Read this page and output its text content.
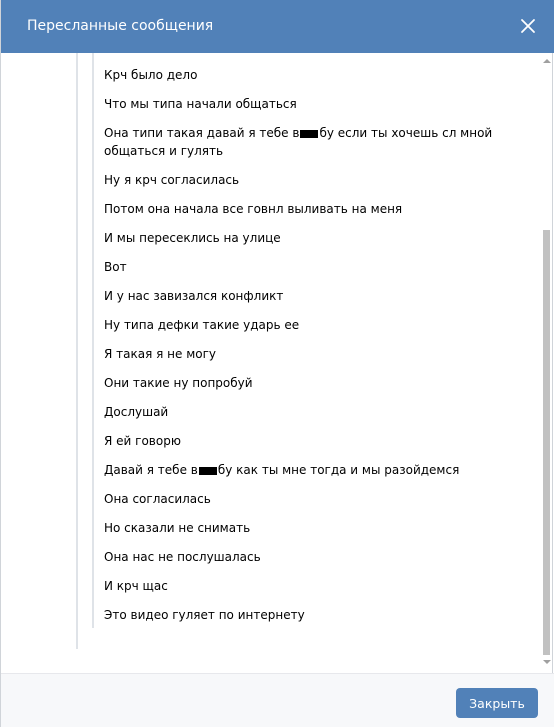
Пересланные сообщения
Крч было дело
Что мы типа начали общаться
Она типи такая давай я тебе в бу если ты хочешь сл мной общаться и гулять
Ну я крч согласилась
Потом она начала все говнл выливать на меня
И мы пересеклись на улице
Вот
И у нас завизался конфликт
Ну типа дефки такие ударь ее
Я такая я не могу
Они такие ну попробуй
Дослушай
Я ей говорю
Давай я тебе в бу как ты мне тогда и мы разойдемся
Она согласилась
Но сказали не снимать
Она нас не послушалась
И крч щас
Это видео гуляет по интернету
Закрыть
